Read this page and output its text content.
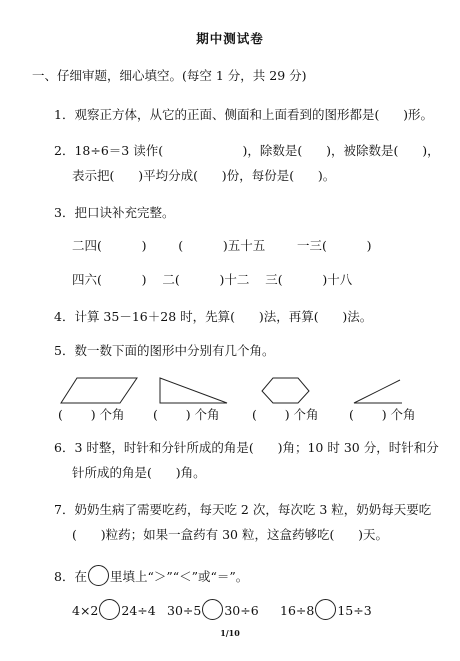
期中测试卷
一、仔细审题，细心填空。(每空 1 分，共 29 分)
1．观察正方体，从它的正面、侧面和上面看到的图形都是(      )形。
2．18÷6＝3 读作(                    )，除数是(      )，被除数是(      )，
表示把(      )平均分成(      )份，每份是(      )。
3．把口诀补充完整。
二四(          )        (          )五十五        一三(          )
四六(          )    二(          )十二    三(          )十八
4．计算 35－16＋28 时，先算(      )法，再算(      )法。
5．数一数下面的图形中分别有几个角。
(       ) 个角 (       ) 个角	(       ) 个角 (       ) 个角
6．3 时整，时针和分针所成的角是(      )角；10 时 30 分，时针和分
针所成的角是(      )角。
7．奶奶生病了需要吃药，每天吃 2 次，每次吃 3 粒，奶奶每天要吃
(      )粒药；如果一盒药有 30 粒，这盒药够吃(      )天。
8．在 里填上“＞”“＜”或“＝”。
4×2 24÷4 30÷5 30÷6 16÷8 15÷3
1/10
